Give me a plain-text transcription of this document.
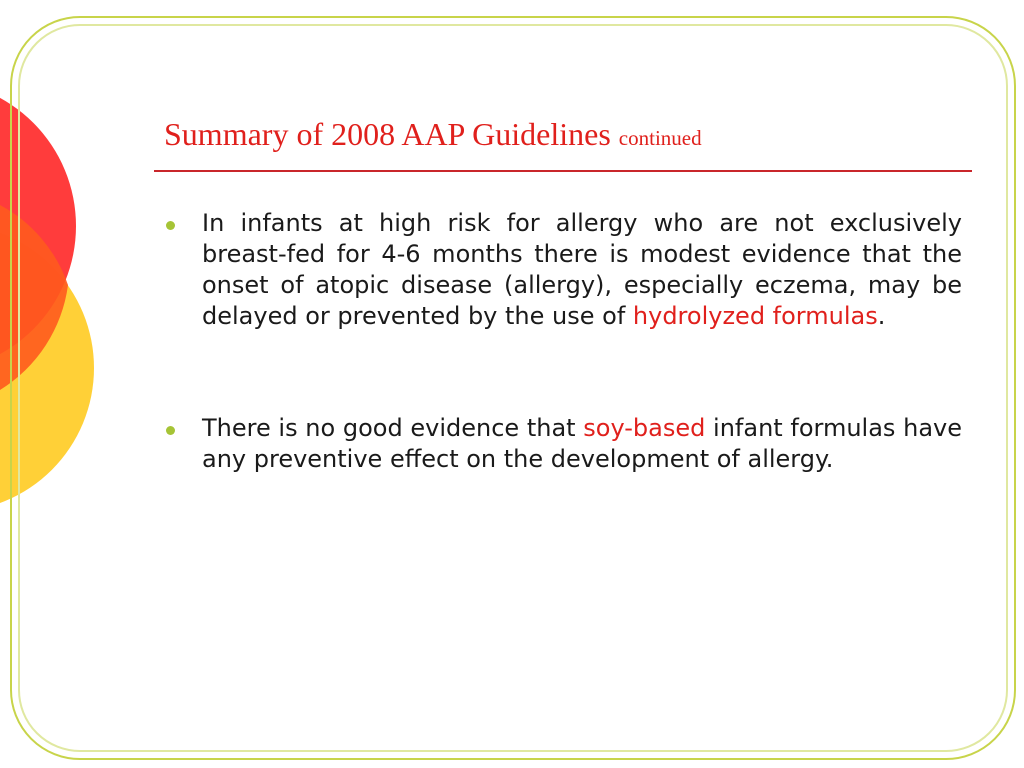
Summary of 2008 AAP Guidelines continued
In infants at high risk for allergy who are not exclusively breast-fed for 4-6 months there is modest evidence that the onset of atopic disease (allergy), especially eczema, may be delayed or prevented by the use of hydrolyzed formulas.
There is no good evidence that soy-based infant formulas have any preventive effect on the development of allergy.
